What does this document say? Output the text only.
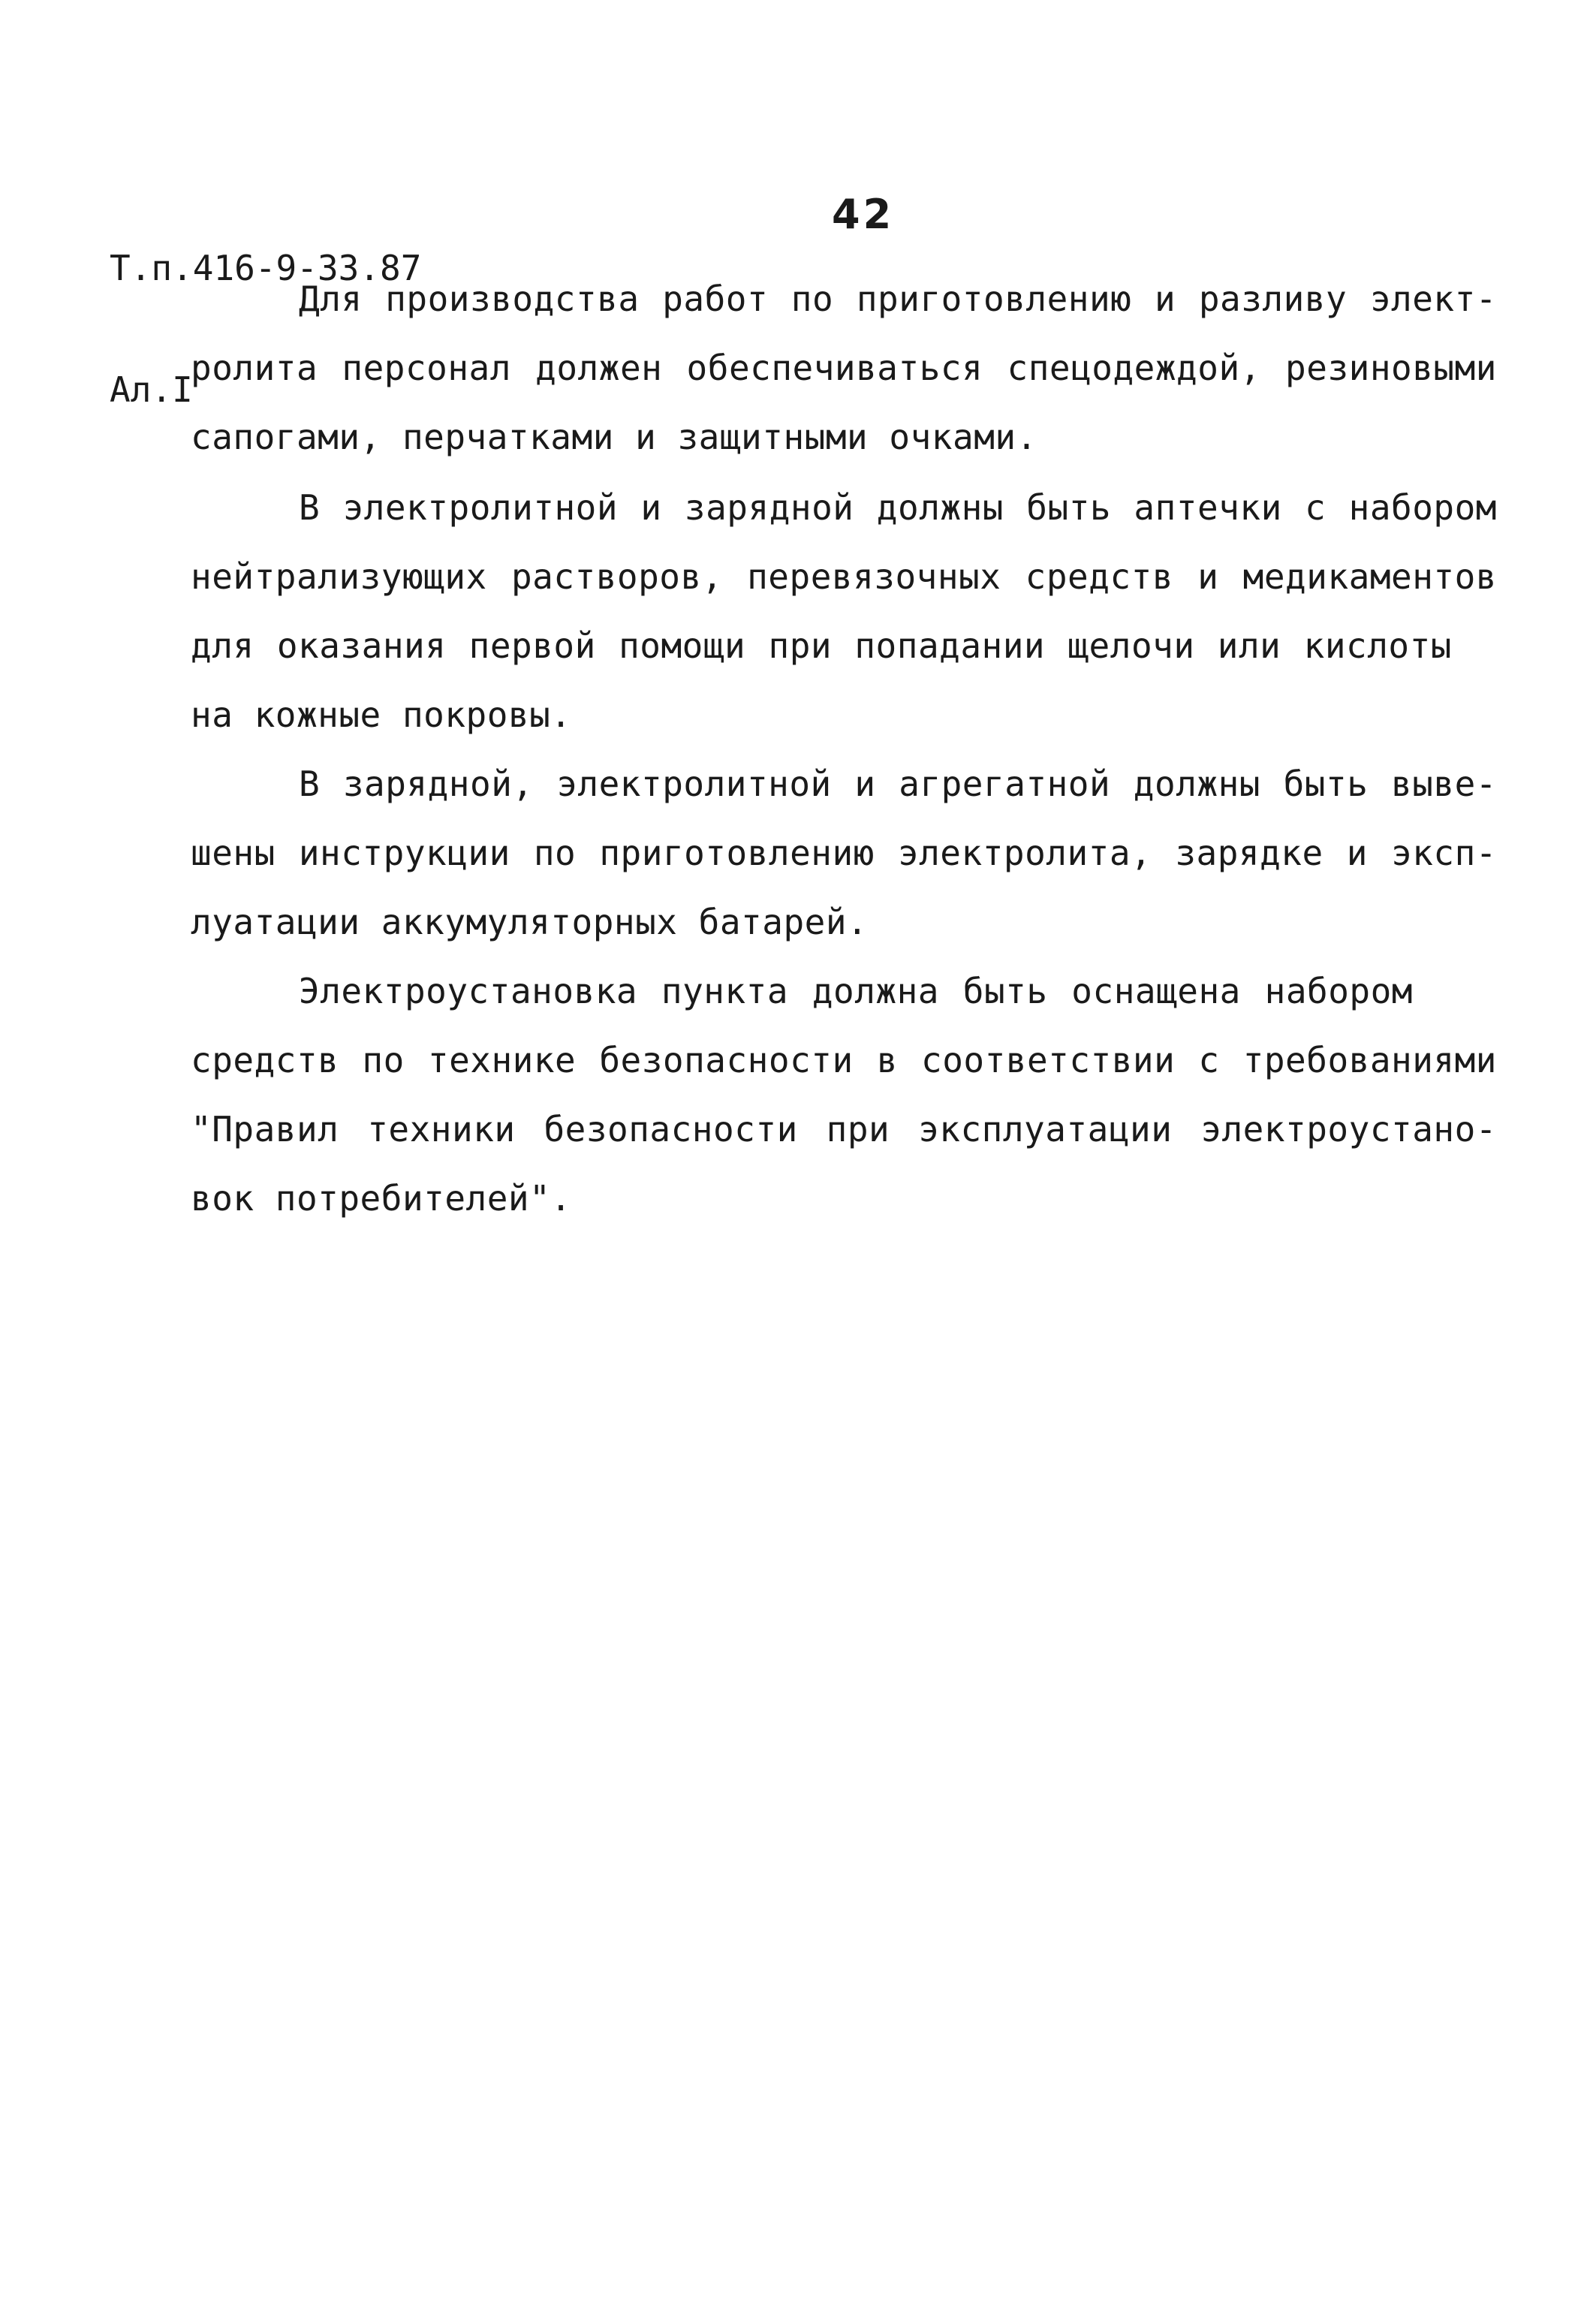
Т.п.416-9-33.87

Ал.I

42
Для производства работ по приготовлению и разливу элект-
ролита персонал должен обеспечиваться спецодеждой, резиновыми
сапогами, перчатками и защитными очками.
В электролитной и зарядной должны быть аптечки с набором
нейтрализующих растворов, перевязочных средств и медикаментов
для оказания первой помощи при попадании щелочи или кислоты
на кожные покровы.
В зарядной, электролитной и агрегатной должны быть выве-
шены инструкции по приготовлению электролита, зарядке и эксп-
луатации аккумуляторных батарей.
Электроустановка пункта должна быть оснащена набором
средств по технике безопасности в соответствии с требованиями
"Правил техники безопасности при эксплуатации электроустано-
вок потребителей".
